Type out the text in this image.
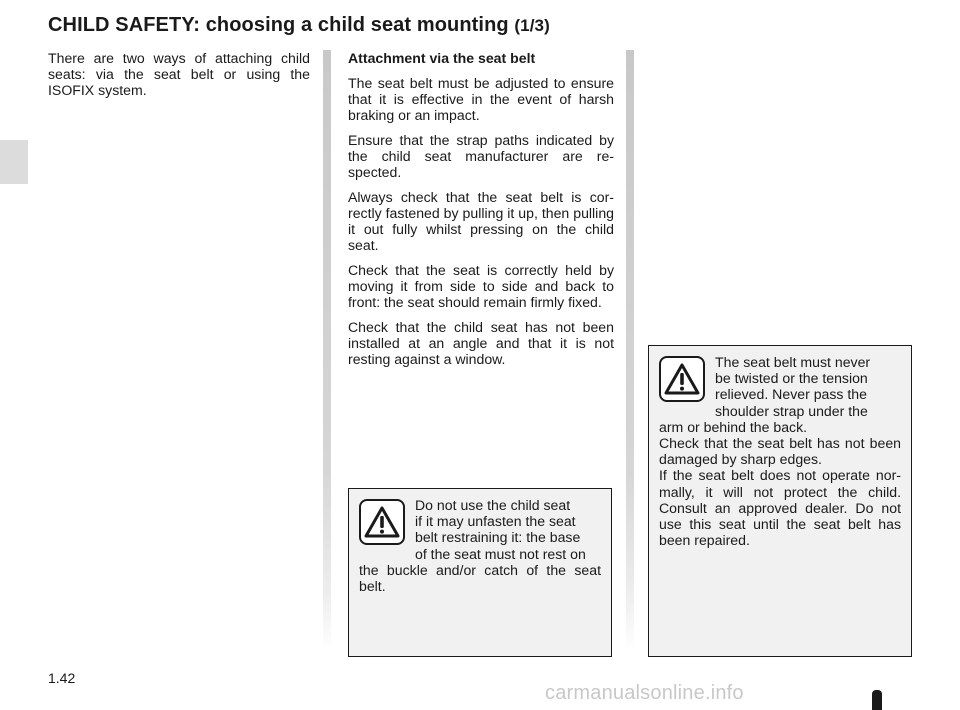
CHILD SAFETY: choosing a child seat mounting (1/3)
There are two ways of attaching child seats: via the seat belt or using the ISOFIX system.

Attachment via the seat belt

The seat belt must be adjusted to ensure that it is effective in the event of harsh braking or an impact.

Ensure that the strap paths indicated by the child seat manufacturer are re- spected.

Always check that the seat belt is cor- rectly fastened by pulling it up, then pulling it out fully whilst pressing on the child seat.

Check that the seat is correctly held by moving it from side to side and back to front: the seat should remain firmly fixed.

Check that the child seat has not been installed at an angle and that it is not resting against a window.

Do not use the child seat
if it may unfasten the seat
belt restraining it: the base
of the seat must not rest on
the buckle and/or catch of the seat belt.
The seat belt must never
be twisted or the tension
relieved. Never pass the
shoulder strap under the
arm or behind the back.
Check that the seat belt has not been damaged by sharp edges.
If the seat belt does not operate nor- mally, it will not protect the child. Consult an approved dealer. Do not use this seat until the seat belt has been repaired.
1.42
carmanualsonline.info
